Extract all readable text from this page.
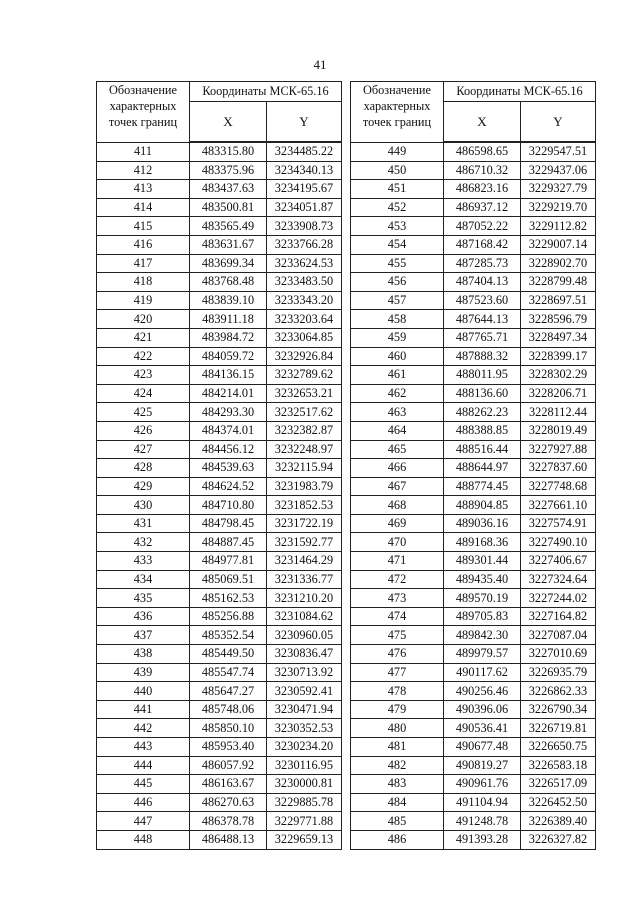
41
Обозначение
характерных
точек границ	Координаты МСК-65.16	
	X	Y
411	483315.80	3234485.22
412	483375.96	3234340.13
413	483437.63	3234195.67
414	483500.81	3234051.87
415	483565.49	3233908.73
416	483631.67	3233766.28
417	483699.34	3233624.53
418	483768.48	3233483.50
419	483839.10	3233343.20
420	483911.18	3233203.64
421	483984.72	3233064.85
422	484059.72	3232926.84
423	484136.15	3232789.62
424	484214.01	3232653.21
425	484293.30	3232517.62
426	484374.01	3232382.87
427	484456.12	3232248.97
428	484539.63	3232115.94
429	484624.52	3231983.79
430	484710.80	3231852.53
431	484798.45	3231722.19
432	484887.45	3231592.77
433	484977.81	3231464.29
434	485069.51	3231336.77
435	485162.53	3231210.20
436	485256.88	3231084.62
437	485352.54	3230960.05
438	485449.50	3230836.47
439	485547.74	3230713.92
440	485647.27	3230592.41
441	485748.06	3230471.94
442	485850.10	3230352.53
443	485953.40	3230234.20
444	486057.92	3230116.95
445	486163.67	3230000.81
446	486270.63	3229885.78
447	486378.78	3229771.88
448	486488.13	3229659.13
Обозначение
характерных
точек границ	Координаты МСК-65.16	
	X	Y
449	486598.65	3229547.51
450	486710.32	3229437.06
451	486823.16	3229327.79
452	486937.12	3229219.70
453	487052.22	3229112.82
454	487168.42	3229007.14
455	487285.73	3228902.70
456	487404.13	3228799.48
457	487523.60	3228697.51
458	487644.13	3228596.79
459	487765.71	3228497.34
460	487888.32	3228399.17
461	488011.95	3228302.29
462	488136.60	3228206.71
463	488262.23	3228112.44
464	488388.85	3228019.49
465	488516.44	3227927.88
466	488644.97	3227837.60
467	488774.45	3227748.68
468	488904.85	3227661.10
469	489036.16	3227574.91
470	489168.36	3227490.10
471	489301.44	3227406.67
472	489435.40	3227324.64
473	489570.19	3227244.02
474	489705.83	3227164.82
475	489842.30	3227087.04
476	489979.57	3227010.69
477	490117.62	3226935.79
478	490256.46	3226862.33
479	490396.06	3226790.34
480	490536.41	3226719.81
481	490677.48	3226650.75
482	490819.27	3226583.18
483	490961.76	3226517.09
484	491104.94	3226452.50
485	491248.78	3226389.40
486	491393.28	3226327.82
